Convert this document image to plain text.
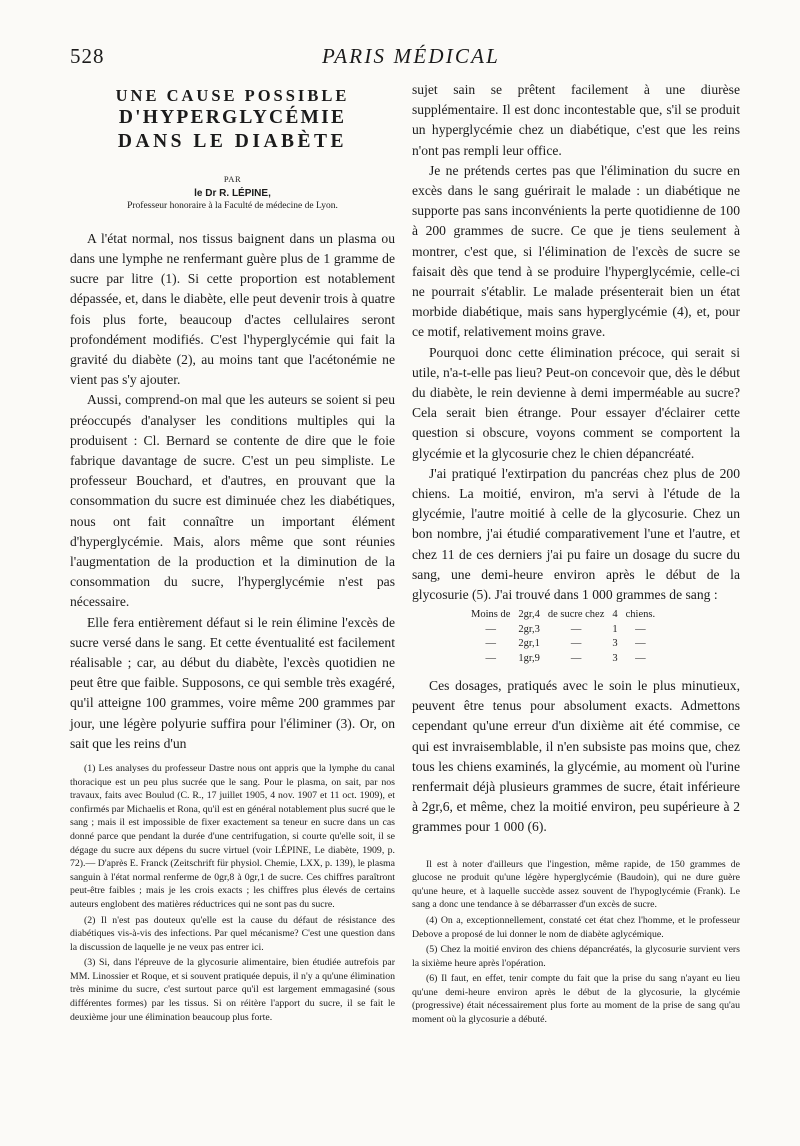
528	PARIS MÉDICAL
UNE CAUSE POSSIBLE
D'HYPERGLYCÉMIE
DANS LE DIABÈTE
PAR
le Dr R. LÉPINE,
Professeur honoraire à la Faculté de médecine de Lyon.

A l'état normal, nos tissus baignent dans un plasma ou dans une lymphe ne renfermant guère plus de 1 gramme de sucre par litre (1). Si cette proportion est notablement dépassée, et, dans le diabète, elle peut devenir trois à quatre fois plus forte, beaucoup d'actes cellulaires seront profondément modifiés. C'est l'hyperglycémie qui fait la gravité du diabète (2), au moins tant que l'acétonémie ne vient pas s'y ajouter.

Aussi, comprend-on mal que les auteurs se soient si peu préoccupés d'analyser les conditions multiples qui la produisent : Cl. Bernard se contente de dire que le foie fabrique davantage de sucre. C'est un peu simpliste. Le professeur Bouchard, et d'autres, en prouvant que la consommation du sucre est diminuée chez les diabétiques, nous ont fait connaître un important élément d'hyperglycémie. Mais, alors même que sont réunies l'augmentation de la production et la diminution de la consommation du sucre, l'hyperglycémie n'est pas nécessaire.

Elle fera entièrement défaut si le rein élimine l'excès de sucre versé dans le sang. Et cette éventualité est facilement réalisable ; car, au début du diabète, l'excès quotidien ne peut être que faible. Supposons, ce qui semble très exagéré, qu'il atteigne 100 grammes, voire même 200 grammes par jour, une légère polyurie suffira pour l'éliminer (3). Or, on sait que les reins d'un

(1) Les analyses du professeur Dastre nous ont appris que la lymphe du canal thoracique est un peu plus sucrée que le sang. Pour le plasma, on sait, par nos travaux, faits avec Boulud (C. R., 17 juillet 1905, 4 nov. 1907 et 11 oct. 1909), et confirmés par Michaelis et Rona, qu'il est en général notablement plus sucré que le sang ; mais il est impossible de fixer exactement sa teneur en sucre dans un cas donné parce que pendant la durée d'une centrifugation, si courte qu'elle soit, il se dégage du sucre aux dépens du sucre virtuel (voir LÉPINE, Le diabète, 1909, p. 72).— D'après E. Franck (Zeitschrift für physiol. Chemie, LXX, p. 139), le plasma sanguin à l'état normal renferme de 0gr,8 à 0gr,1 de sucre. Ces chiffres paraîtront peut-être faibles ; mais je les crois exacts ; les chiffres plus élevés de certains auteurs englobent des matières réductrices qui ne sont pas du sucre.

(2) Il n'est pas douteux qu'elle est la cause du défaut de résistance des diabétiques vis-à-vis des infections. Par quel mécanisme? C'est une question dans la discussion de laquelle je ne veux pas entrer ici.

(3) Si, dans l'épreuve de la glycosurie alimentaire, bien étudiée autrefois par MM. Linossier et Roque, et si souvent pratiquée depuis, il n'y a qu'une élimination très minime du sucre, c'est surtout parce qu'il est largement emmagasiné (sous différentes formes) par les tissus. Si on réitère l'apport du sucre, il se fait le deuxième jour une élimination beaucoup plus forte.

sujet sain se prêtent facilement à une diurèse supplémentaire. Il est donc incontestable que, s'il se produit un hyperglycémie chez un diabétique, c'est que les reins n'ont pas rempli leur office.

Je ne prétends certes pas que l'élimination du sucre en excès dans le sang guérirait le malade : un diabétique ne supporte pas sans inconvénients la perte quotidienne de 100 à 200 grammes de sucre. Ce que je tiens seulement à montrer, c'est que, si l'élimination de l'excès de sucre se faisait dès que tend à se produire l'hyperglycémie, celle-ci ne pourrait s'établir. Le malade présenterait bien un état morbide diabétique, mais sans hyperglycémie (4), et, pour ce motif, relativement moins grave.

Pourquoi donc cette élimination précoce, qui serait si utile, n'a-t-elle pas lieu? Peut-on concevoir que, dès le début du diabète, le rein devienne à demi imperméable au sucre? Cela serait bien étrange. Pour essayer d'éclairer cette question si obscure, voyons comment se comportent la glycémie et la glycosurie chez le chien dépancréaté.

J'ai pratiqué l'extirpation du pancréas chez plus de 200 chiens. La moitié, environ, m'a servi à l'étude de la glycémie, l'autre moitié à celle de la glycosurie. Chez un bon nombre, j'ai étudié comparativement l'une et l'autre, et chez 11 de ces derniers j'ai pu faire un dosage du sucre du sang, une demi-heure environ après le début de la glycosurie (5). J'ai trouvé dans 1 000 grammes de sang :

Moins de	2gr,4	de sucre chez	4	chiens.
—	2gr,3	—	1	—
—	2gr,1	—	3	—
—	1gr,9	—	3	—

Ces dosages, pratiqués avec le soin le plus minutieux, peuvent être tenus pour absolument exacts. Admettons cependant qu'une erreur d'un dixième ait été commise, ce qui est invraisemblable, il n'en subsiste pas moins que, chez tous les chiens examinés, la glycémie, au moment où l'urine renfermait déjà plusieurs grammes de sucre, était inférieure à 2gr,6, et même, chez la moitié environ, peu supérieure à 2 grammes pour 1 000 (6).

Il est à noter d'ailleurs que l'ingestion, même rapide, de 150 grammes de glucose ne produit qu'une légère hyperglycémie (Baudoin), qui ne dure guère qu'une heure, et à laquelle succède assez souvent de l'hypoglycémie (Frank). Le sang a donc une tendance à se débarrasser d'un excès de sucre.

(4) On a, exceptionnellement, constaté cet état chez l'homme, et le professeur Debove a proposé de lui donner le nom de diabète aglycémique.

(5) Chez la moitié environ des chiens dépancréatés, la glycosurie survient vers la sixième heure après l'opération.

(6) Il faut, en effet, tenir compte du fait que la prise du sang n'ayant eu lieu qu'une demi-heure environ après le début de la glycosurie, la glycémie (progressive) était nécessairement plus forte au moment de la prise de sang qu'au moment où la glycosurie a débuté.
